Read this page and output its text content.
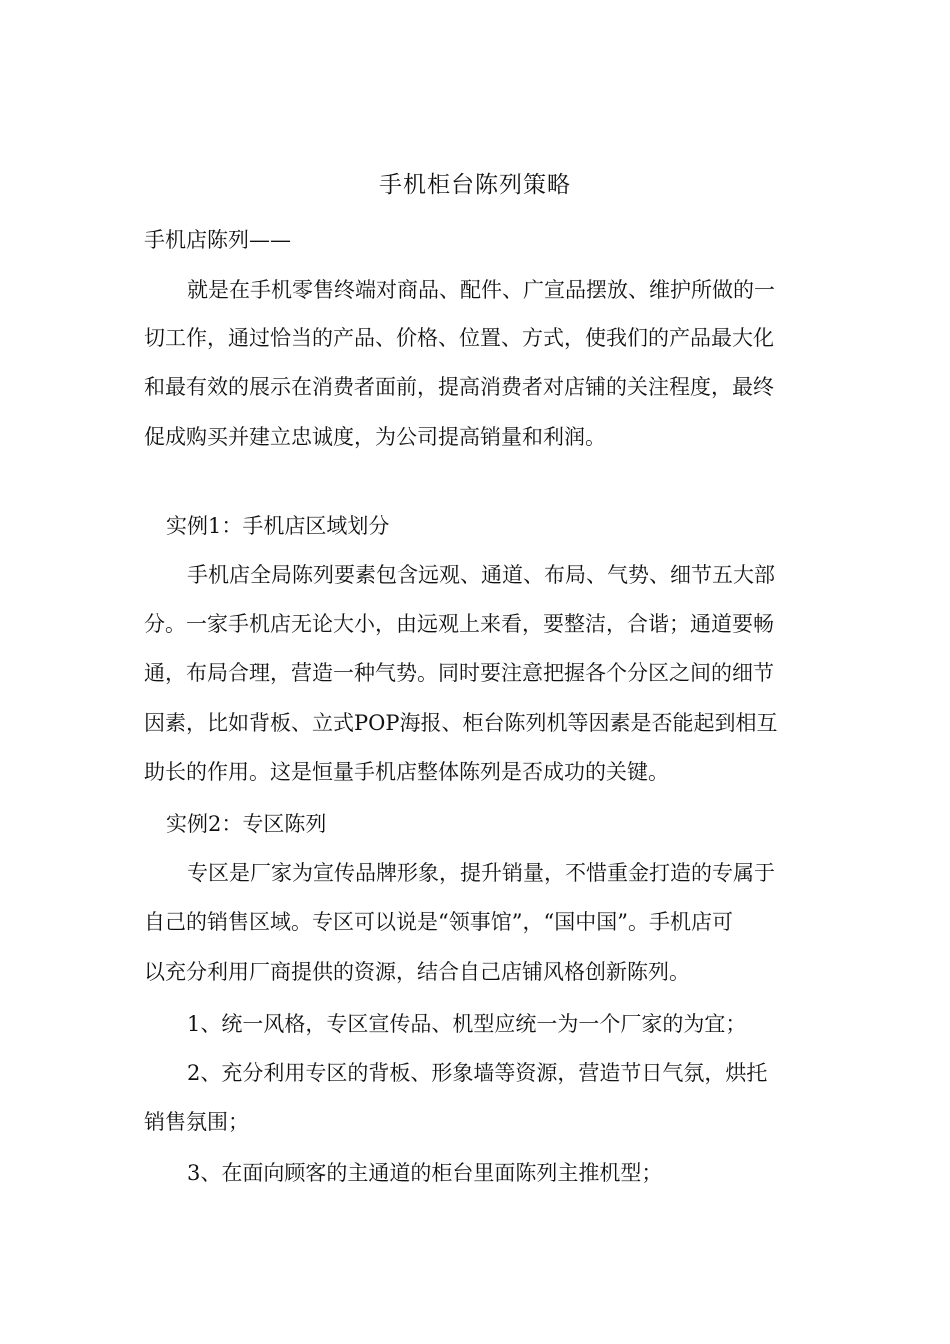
手机柜台陈列策略
手机店陈列——
就是在手机零售终端对商品、配件、广宣品摆放、维护所做的一
切工作，通过恰当的产品、价格、位置、方式，使我们的产品最大化
和最有效的展示在消费者面前，提高消费者对店铺的关注程度，最终
促成购买并建立忠诚度，为公司提高销量和利润。
实例1：手机店区域划分
手机店全局陈列要素包含远观、通道、布局、气势、细节五大部
分。一家手机店无论大小，由远观上来看，要整洁，合谐；通道要畅
通，布局合理，营造一种气势。同时要注意把握各个分区之间的细节
因素，比如背板、立式POP海报、柜台陈列机等因素是否能起到相互
助长的作用。这是恒量手机店整体陈列是否成功的关键。
实例2：专区陈列
专区是厂家为宣传品牌形象，提升销量，不惜重金打造的专属于
自己的销售区域。专区可以说是“领事馆”，“国中国”。手机店可
以充分利用厂商提供的资源，结合自己店铺风格创新陈列。
1、统一风格，专区宣传品、机型应统一为一个厂家的为宜；
2、充分利用专区的背板、形象墙等资源，营造节日气氛，烘托
销售氛围；
3、在面向顾客的主通道的柜台里面陈列主推机型；
